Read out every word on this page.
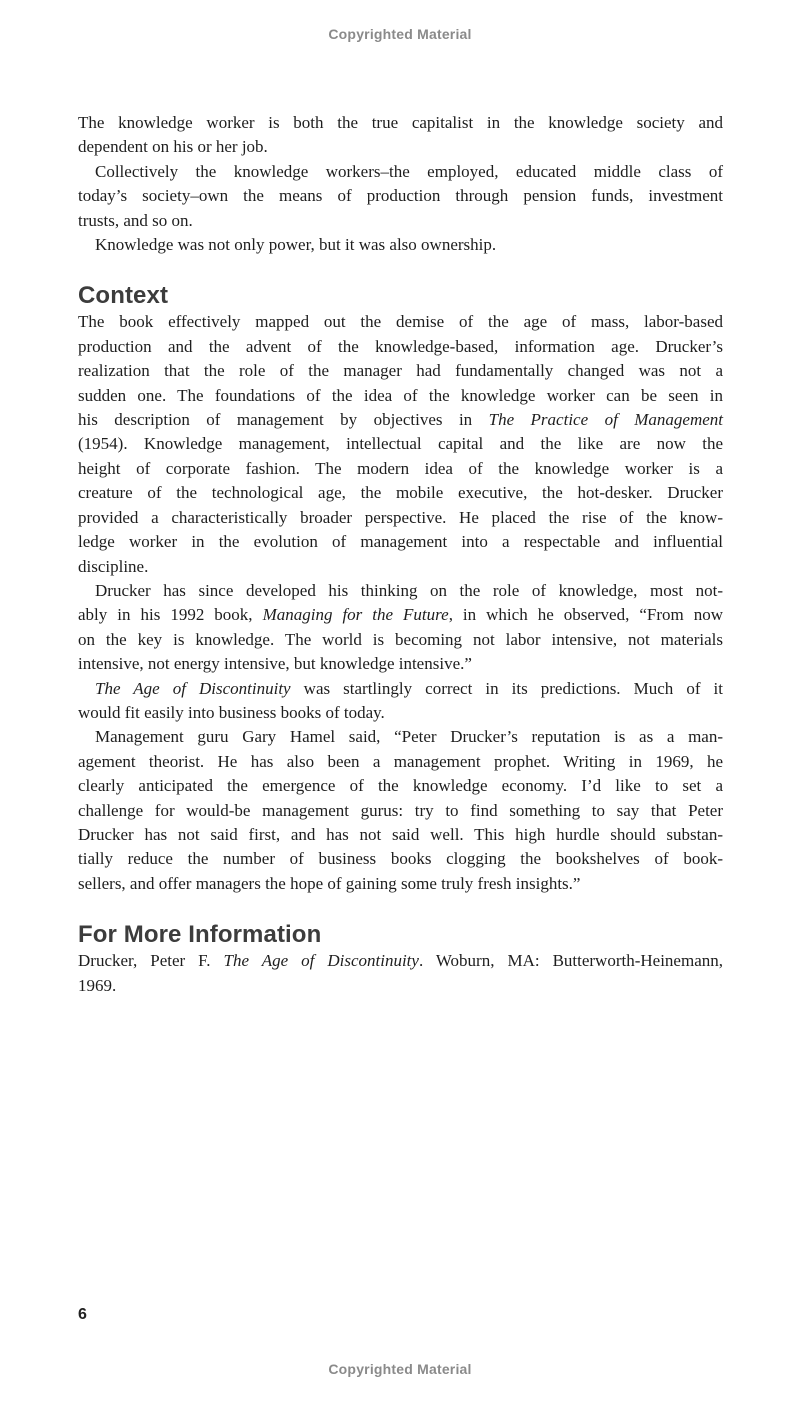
Copyrighted Material
The knowledge worker is both the true capitalist in the knowledge society and
dependent on his or her job.
Collectively the knowledge workers–the employed, educated middle class of
today’s society–own the means of production through pension funds, investment
trusts, and so on.
Knowledge was not only power, but it was also ownership.
Context
The book effectively mapped out the demise of the age of mass, labor-based
production and the advent of the knowledge-based, information age. Drucker’s
realization that the role of the manager had fundamentally changed was not a
sudden one. The foundations of the idea of the knowledge worker can be seen in
his description of management by objectives in The Practice of Management
(1954). Knowledge management, intellectual capital and the like are now the
height of corporate fashion. The modern idea of the knowledge worker is a
creature of the technological age, the mobile executive, the hot-desker. Drucker
provided a characteristically broader perspective. He placed the rise of the know-
ledge worker in the evolution of management into a respectable and influential
discipline.
Drucker has since developed his thinking on the role of knowledge, most not-
ably in his 1992 book, Managing for the Future, in which he observed, “From now
on the key is knowledge. The world is becoming not labor intensive, not materials
intensive, not energy intensive, but knowledge intensive.”
The Age of Discontinuity was startlingly correct in its predictions. Much of it
would fit easily into business books of today.
Management guru Gary Hamel said, “Peter Drucker’s reputation is as a man-
agement theorist. He has also been a management prophet. Writing in 1969, he
clearly anticipated the emergence of the knowledge economy. I’d like to set a
challenge for would-be management gurus: try to find something to say that Peter
Drucker has not said first, and has not said well. This high hurdle should substan-
tially reduce the number of business books clogging the bookshelves of book-
sellers, and offer managers the hope of gaining some truly fresh insights.”
For More Information
Drucker, Peter F. The Age of Discontinuity. Woburn, MA: Butterworth-Heinemann,
1969.
6
Copyrighted Material
